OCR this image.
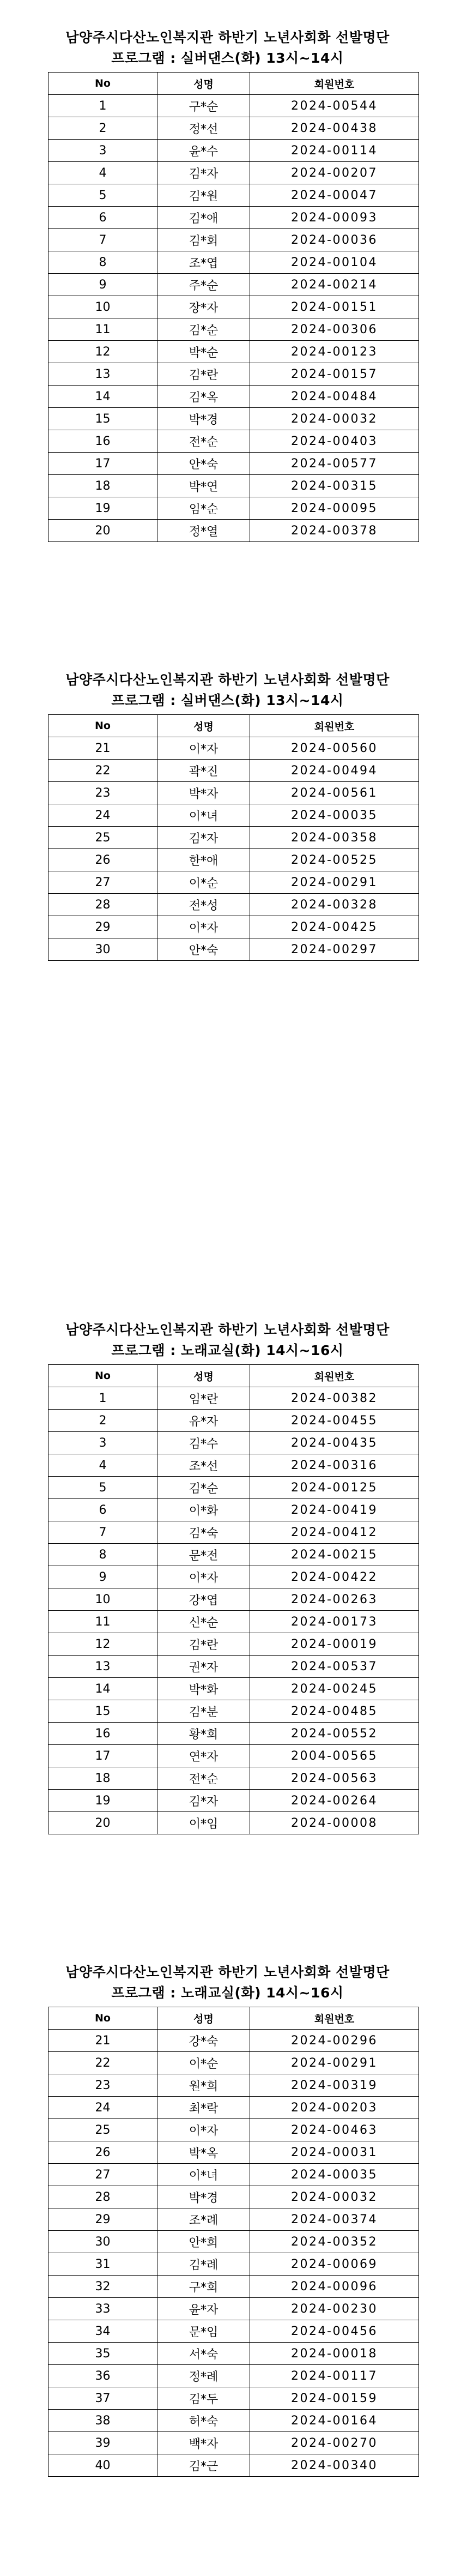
남양주시다산노인복지관 하반기 노년사회화 선발명단
프로그램 : 실버댄스(화) 13시~14시
No	성명	회원번호
1	구*순	2024-00544
2	정*선	2024-00438
3	윤*수	2024-00114
4	김*자	2024-00207
5	김*원	2024-00047
6	김*애	2024-00093
7	김*회	2024-00036
8	조*엽	2024-00104
9	주*순	2024-00214
10	장*자	2024-00151
11	김*순	2024-00306
12	박*순	2024-00123
13	김*란	2024-00157
14	김*옥	2024-00484
15	박*경	2024-00032
16	전*순	2024-00403
17	안*숙	2024-00577
18	박*연	2024-00315
19	임*순	2024-00095
20	정*열	2024-00378
남양주시다산노인복지관 하반기 노년사회화 선발명단
프로그램 : 실버댄스(화) 13시~14시
No	성명	회원번호
21	이*자	2024-00560
22	곽*진	2024-00494
23	박*자	2024-00561
24	이*녀	2024-00035
25	김*자	2024-00358
26	한*애	2024-00525
27	이*순	2024-00291
28	전*성	2024-00328
29	이*자	2024-00425
30	안*숙	2024-00297
남양주시다산노인복지관 하반기 노년사회화 선발명단
프로그램 : 노래교실(화) 14시~16시
No	성명	회원번호
1	임*란	2024-00382
2	유*자	2024-00455
3	김*수	2024-00435
4	조*선	2024-00316
5	김*순	2024-00125
6	이*화	2024-00419
7	김*숙	2024-00412
8	문*전	2024-00215
9	이*자	2024-00422
10	강*엽	2024-00263
11	신*순	2024-00173
12	김*란	2024-00019
13	권*자	2024-00537
14	박*화	2024-00245
15	김*분	2024-00485
16	황*희	2024-00552
17	연*자	2004-00565
18	전*순	2024-00563
19	김*자	2024-00264
20	이*임	2024-00008
남양주시다산노인복지관 하반기 노년사회화 선발명단
프로그램 : 노래교실(화) 14시~16시
No	성명	회원번호
21	강*숙	2024-00296
22	이*순	2024-00291
23	원*희	2024-00319
24	최*락	2024-00203
25	이*자	2024-00463
26	박*옥	2024-00031
27	이*녀	2024-00035
28	박*경	2024-00032
29	조*례	2024-00374
30	안*희	2024-00352
31	김*례	2024-00069
32	구*희	2024-00096
33	윤*자	2024-00230
34	문*임	2024-00456
35	서*숙	2024-00018
36	정*례	2024-00117
37	김*두	2024-00159
38	허*숙	2024-00164
39	백*자	2024-00270
40	김*근	2024-00340
